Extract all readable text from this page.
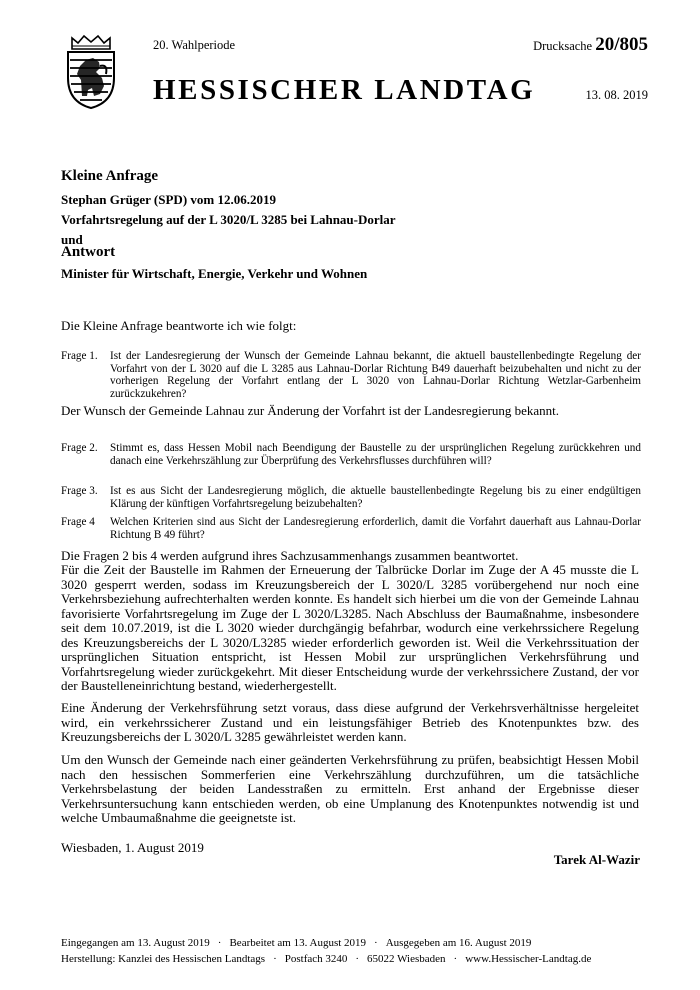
20. Wahlperiode	Drucksache 20/805
HESSISCHER LANDTAG	13. 08. 2019
Kleine Anfrage
Stephan Grüger (SPD) vom 12.06.2019
Vorfahrtsregelung auf der L 3020/L 3285 bei Lahnau-Dorlar
und
Antwort
Minister für Wirtschaft, Energie, Verkehr und Wohnen
Die Kleine Anfrage beantworte ich wie folgt:
Frage 1.	Ist der Landesregierung der Wunsch der Gemeinde Lahnau bekannt, die aktuell baustellenbedingte Regelung der Vorfahrt von der L 3020 auf die L 3285 aus Lahnau-Dorlar Richtung B49 dauerhaft beizubehalten und nicht zu der vorherigen Regelung der Vorfahrt entlang der L 3020 von Lahnau-Dorlar Richtung Wetzlar-Garbenheim zurückzukehren?
Der Wunsch der Gemeinde Lahnau zur Änderung der Vorfahrt ist der Landesregierung bekannt.
Frage 2.	Stimmt es, dass Hessen Mobil nach Beendigung der Baustelle zu der ursprünglichen Regelung zurückkehren und danach eine Verkehrszählung zur Überprüfung des Verkehrsflusses durchführen will?
Frage 3.	Ist es aus Sicht der Landesregierung möglich, die aktuelle baustellenbedingte Regelung bis zu einer endgültigen Klärung der künftigen Vorfahrtsregelung beizubehalten?
Frage 4	Welchen Kriterien sind aus Sicht der Landesregierung erforderlich, damit die Vorfahrt dauerhaft aus Lahnau-Dorlar Richtung B 49 führt?
Die Fragen 2 bis 4 werden aufgrund ihres Sachzusammenhangs zusammen beantwortet.
Für die Zeit der Baustelle im Rahmen der Erneuerung der Talbrücke Dorlar im Zuge der A 45 musste die L 3020 gesperrt werden, sodass im Kreuzungsbereich der L 3020/L 3285 vorübergehend nur noch eine Verkehrsbeziehung aufrechterhalten werden konnte. Es handelt sich hierbei um die von der Gemeinde Lahnau favorisierte Vorfahrtsregelung im Zuge der L 3020/L3285. Nach Abschluss der Baumaßnahme, insbesondere seit dem 10.07.2019, ist die L 3020 wieder durchgängig befahrbar, wodurch eine verkehrssichere Regelung des Kreuzungsbereichs der L 3020/L3285 wieder erforderlich geworden ist. Weil die Verkehrssituation der ursprünglichen Situation entspricht, ist Hessen Mobil zur ursprünglichen Verkehrsführung und Vorfahrtsregelung wieder zurückgekehrt. Mit dieser Entscheidung wurde der verkehrssichere Zustand, der vor der Baustelleneinrichtung bestand, wiederhergestellt.
Eine Änderung der Verkehrsführung setzt voraus, dass diese aufgrund der Verkehrsverhältnisse hergeleitet wird, ein verkehrssicherer Zustand und ein leistungsfähiger Betrieb des Knotenpunktes bzw. des Kreuzungsbereichs der L 3020/L 3285 gewährleistet werden kann.
Um den Wunsch der Gemeinde nach einer geänderten Verkehrsführung zu prüfen, beabsichtigt Hessen Mobil nach den hessischen Sommerferien eine Verkehrszählung durchzuführen, um die tatsächliche Verkehrsbelastung der beiden Landesstraßen zu ermitteln. Erst anhand der Ergebnisse dieser Verkehrsuntersuchung kann entschieden werden, ob eine Umplanung des Knotenpunktes notwendig ist und welche Umbaumaßnahme die geeignetste ist.
Wiesbaden, 1. August 2019
Tarek Al-Wazir
Eingegangen am 13. August 2019 · Bearbeitet am 13. August 2019 · Ausgegeben am 16. August 2019
Herstellung: Kanzlei des Hessischen Landtags · Postfach 3240 · 65022 Wiesbaden · www.Hessischer-Landtag.de
